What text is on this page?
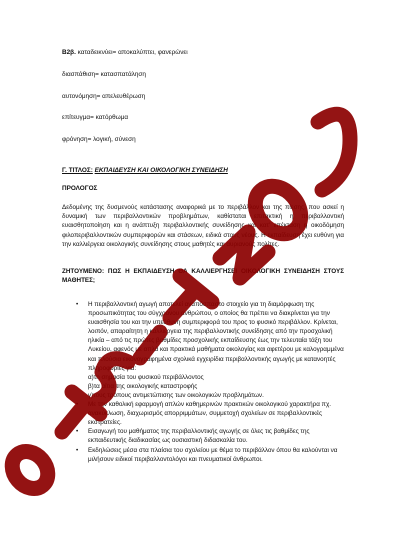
Β2β. καταδεικνύει= αποκαλύπτει, φανερώνει
διασπάθιση= κατασπατάληση
αυτονόμηση= απελευθέρωση
επίτευγμα= κατόρθωμα
φρόνηση= λογική, σύνεση
Γ. ΤΙΤΛΟΣ: ΕΚΠΑΙΔΕΥΣΗ ΚΑΙ ΟΙΚΟΛΟΓΙΚΗ ΣΥΝΕΙΔΗΣΗ
ΠΡΟΛΟΓΟΣ

Δεδομένης της δυσμενούς κατάστασης αναφορικά με το περιβάλλον και της πίεσης, που ασκεί η δυναμική των περιβαλλοντικών προβλημάτων, καθίσταται επιτακτική η περιβαλλοντική ευαισθητοποίηση και η ανάπτυξη περιβαλλοντικής συνείδησης και κατ' επέκταση η οικοδόμηση φιλοπεριβαλλοντικών συμπεριφορών και στάσεων, ειδικά στους νέους. Η εκπαίδευση έχει ευθύνη για την καλλιέργεια οικολογικής συνείδησης στους μαθητές και αυριανούς πολίτες.

ΖΗΤΟΥΜΕΝΟ: ΠΩΣ Η ΕΚΠΑΙΔΕΥΣΗ ΘΑ ΚΑΛΛΙΕΡΓΗΣΕΙ ΟΙΚΟΛΟΓΙΚΗ ΣΥΝΕΙΔΗΣΗ ΣΤΟΥΣ ΜΑΘΗΤΕΣ;

• Η περιβαλλοντική αγωγή αποτελεί αναπόσπαστο στοιχείο για τη διαμόρφωση της προσωπικότητας του σύγχρονου ανθρώπου, ο οποίος θα πρέπει να διακρίνεται για την ευαισθησία του και την υπεύθυνη συμπεριφορά του προς το φυσικό περιβάλλον. Κρίνεται, λοιπόν, απαραίτητη η καλλιέργεια της περιβαλλοντικής συνείδησης από την προσχολική ηλικία – από τις πρώτες βαθμίδες προσχολικής εκπαίδευσης έως την τελευταία τάξη του Λυκείου, αφενός με απλά και πρακτικά μαθήματα οικολογίας και αφετέρου με καλογραμμένα και πλούσια εικονογραφημένα σχολικά εγχειρίδια περιβαλλοντικής αγωγής με κατανοητές πληροφορίες για:
α)τη σημασία του φυσικού περιβάλλοντος
β)τα αίτια της οικολογικής καταστροφής
γ)τους τρόπους αντιμετώπισης των οικολογικών προβλημάτων.
• Με την καθολική εφαρμογή απλών καθημερινών πρακτικών οικολογικού χαρακτήρα πχ. ανακύκλωση, διαχωρισμός απορριμμάτων, συμμετοχή σχολείων σε περιβαλλοντικές εκστρατείες.
• Εισαγωγή του μαθήματος της περιβαλλοντικής αγωγής σε όλες τις βαθμίδες της εκπαιδευτικής διαδικασίας ως ουσιαστική διδασκαλία του.
• Εκδηλώσεις μέσα στα πλαίσια του σχολείου με θέμα το περιβάλλον όπου θα καλούνται να μιλήσουν ειδικοί περιβαλλοντολόγοι και πνευματικοί άνθρωποι.
